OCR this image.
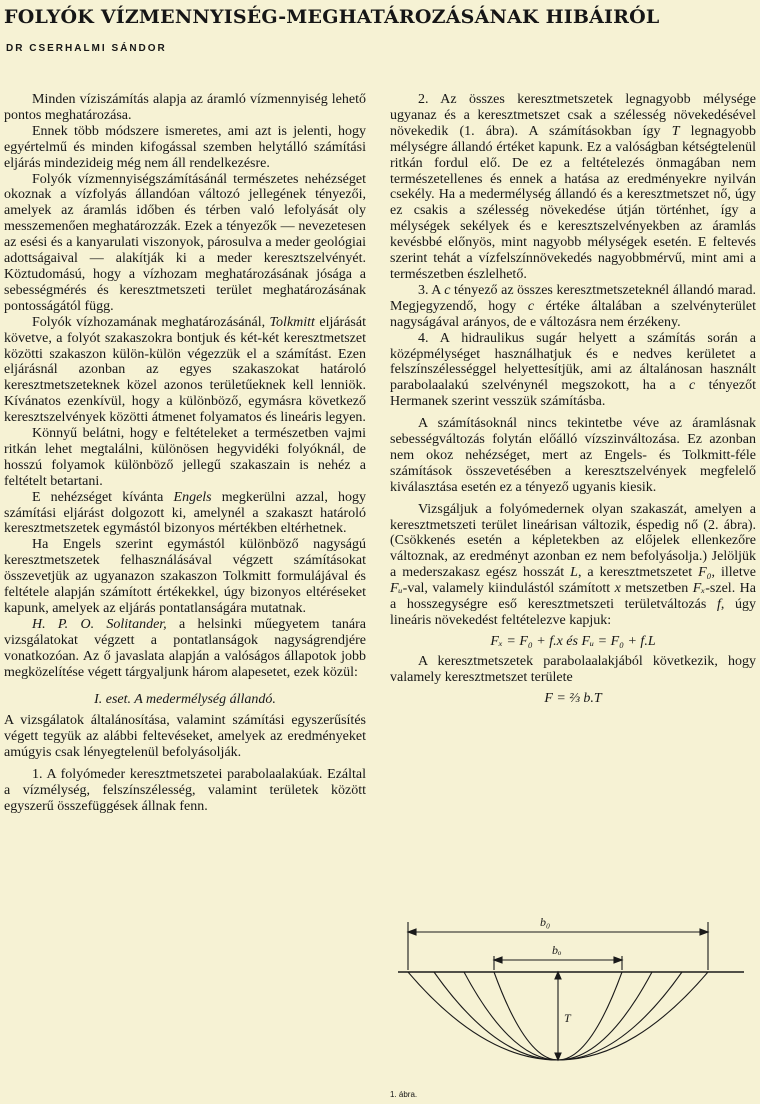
FOLYÓK VÍZMENNYISÉG-MEGHATÁROZÁSÁNAK HIBÁIRÓL
DR CSERHALMI SÁNDOR

Minden víziszámítás alapja az áramló vízmennyiség lehető pontos meghatározása.

Ennek több módszere ismeretes, ami azt is jelenti, hogy egyértelmű és minden kifogással szemben helytálló számítási eljárás mindezideig még nem áll rendelkezésre.

Folyók vízmennyiségszámításánál természetes nehézséget okoznak a vízfolyás állandóan változó jellegének tényezői, amelyek az áramlás időben és térben való lefolyását oly messzemenően meghatározzák. Ezek a tényezők — nevezetesen az esési és a kanyarulati viszonyok, párosulva a meder geológiai adottságaival — alakítják ki a meder keresztszelvényét. Köztudomású, hogy a vízhozam meghatározásának jósága a sebességmérés és keresztmetszeti terület meghatározásának pontosságától függ.

Folyók vízhozamának meghatározásánál, Tolkmitt eljárását követve, a folyót szakaszokra bontjuk és két-két keresztmetszet közötti szakaszon külön-külön végezzük el a számítást. Ezen eljárásnál azonban az egyes szakaszokat határoló keresztmetszeteknek közel azonos területűeknek kell lenniök. Kívánatos ezenkívül, hogy a különböző, egymásra következő keresztszelvények közötti átmenet folyamatos és lineáris legyen.

Könnyű belátni, hogy e feltételeket a természetben vajmi ritkán lehet megtalálni, különösen hegyvidéki folyóknál, de hosszú folyamok különböző jellegű szakaszain is nehéz a feltételt betartani.

E nehézséget kívánta Engels megkerülni azzal, hogy számítási eljárást dolgozott ki, amelynél a szakaszt határoló keresztmetszetek egymástól bizonyos mértékben eltérhetnek.

Ha Engels szerint egymástól különböző nagyságú keresztmetszetek felhasználásával végzett számításokat összevetjük az ugyanazon szakaszon Tolkmitt formulájával és feltétele alapján számított értékekkel, úgy bizonyos eltéréseket kapunk, amelyek az eljárás pontatlanságára mutatnak.

H. P. O. Solitander, a helsinki műegyetem tanára vizsgálatokat végzett a pontatlanságok nagyságrendjére vonatkozóan. Az ő javaslata alapján a valóságos állapotok jobb megközelítése végett tárgyaljunk három alapesetet, ezek közül:

I. eset. A medermélység állandó.

A vizsgálatok általánosítása, valamint számítási egyszerűsítés végett tegyük az alábbi feltevéseket, amelyek az eredményeket amúgyis csak lényegtelenül befolyásolják.

1. A folyómeder keresztmetszetei parabolaalakúak. Ezáltal a vízmélység, felszínszélesség, valamint területek között egyszerű összefüggések állnak fenn.

2. Az összes keresztmetszetek legnagyobb mélysége ugyanaz és a keresztmetszet csak a szélesség növekedésével növekedik (1. ábra). A számításokban így T legnagyobb mélységre állandó értéket kapunk. Ez a valóságban kétségtelenül ritkán fordul elő. De ez a feltételezés önmagában nem természetellenes és ennek a hatása az eredményekre nyilván csekély. Ha a medermélység állandó és a keresztmetszet nő, úgy ez csakis a szélesség növekedése útján történhet, így a mélységek sekélyek és e keresztszelvényekben az áramlás kevésbbé előnyös, mint nagyobb mélységek esetén. E feltevés szerint tehát a vízfelszínnövekedés nagyobbmérvű, mint ami a természetben észlelhető.

3. A c tényező az összes keresztmetszeteknél állandó marad. Megjegyzendő, hogy c értéke általában a szelvényterület nagyságával arányos, de e változásra nem érzékeny.

4. A hidraulikus sugár helyett a számítás során a középmélységet használhatjuk és e nedves kerületet a felszínszélességgel helyettesítjük, ami az általánosan használt parabolaalakú szelvénynél megszokott, ha a c tényezőt Hermanek szerint vesszük számításba.

A számításoknál nincs tekintetbe véve az áramlásnak sebességváltozás folytán előálló vízszinváltozása. Ez azonban nem okoz nehézséget, mert az Engels- és Tolkmitt-féle számítások összevetésében a keresztszelvények megfelelő kiválasztása esetén ez a tényező ugyanis kiesik.

Vizsgáljuk a folyómedernek olyan szakaszát, amelyen a keresztmetszeti terület lineárisan változik, éspedig nő (2. ábra). (Csökkenés esetén a képletekben az előjelek ellenkezőre változnak, az eredményt azonban ez nem befolyásolja.) Jelöljük a mederszakasz egész hosszát L, a keresztmetszetet F₀, illetve Fᵤ-val, valamely kiindulástól számított x metszetben Fₓ-szel. Ha a hosszegységre eső keresztmetszeti területváltozás f, úgy lineáris növekedést feltételezve kapjuk:

Fₓ = F₀ + f.x és Fᵤ = F₀ + f.L

A keresztmetszetek parabolaalakjából következik, hogy valamely keresztmetszet területe

F = ⅔ b.T

b₀
bₒ
T
1. ábra.
